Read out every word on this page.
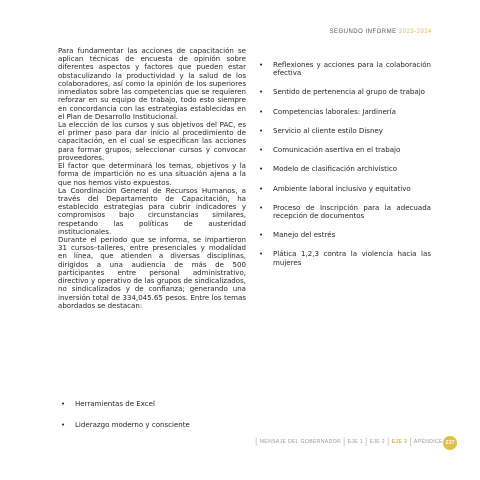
SEGUNDO INFORME 2023-2024

Para fundamentar las acciones de capacitación se aplican técnicas de encuesta de opinión sobre diferentes aspectos y factores que pueden estar obstaculizando la productividad y la salud de los colaboradores, así como la opinión de los superiores inmediatos sobre las competencias que se requieren reforzar en su equipo de trabajo, todo esto siempre en concordancia con las estrategias establecidas en el Plan de Desarrollo Institucional.

La elección de los cursos y sus objetivos del PAC, es el primer paso para dar inicio al procedimiento de capacitación, en el cual se especifican las acciones para formar grupos, seleccionar cursos y convocar proveedores.

El factor que determinará los temas, objetivos y la forma de impartición no es una situación ajena a la que nos hemos visto expuestos.

La Coordinación General de Recursos Humanos, a través del Departamento de Capacitación, ha establecido estrategias para cubrir indicadores y compromisos bajo circunstancias similares, respetando las políticas de austeridad institucionales.

Durante el periodo que se informa, se impartieron 31 cursos–talleres, entre presenciales y modalidad en línea, que atienden a diversas disciplinas, dirigidos a una audiencia de más de 500 participantes entre personal administrativo, directivo y operativo de las grupos de sindicalizados, no sindicalizados y de confianza; generando una inversión total de 334,045.65 pesos. Entre los temas abordados se destacan:

• Herramientas de Excel
• Liderazgo moderno y consciente
• Reflexiones y acciones para la colaboración efectiva
• Sentido de pertenencia al grupo de trabajo
• Competencias laborales: Jardinería
• Servicio al cliente estilo Disney
• Comunicación asertiva en el trabajo
• Modelo de clasificación archivístico
• Ambiente laboral inclusivo y equitativo
• Proceso de Inscripción para la adecuada recepción de documentos
• Manejo del estrés
• Plática 1,2,3 contra la violencia hacia las mujeres
| MENSAJE DEL GOBERNADOR | EJE 1 | EJE 2 | EJE 3 | APÉNDICE 237
